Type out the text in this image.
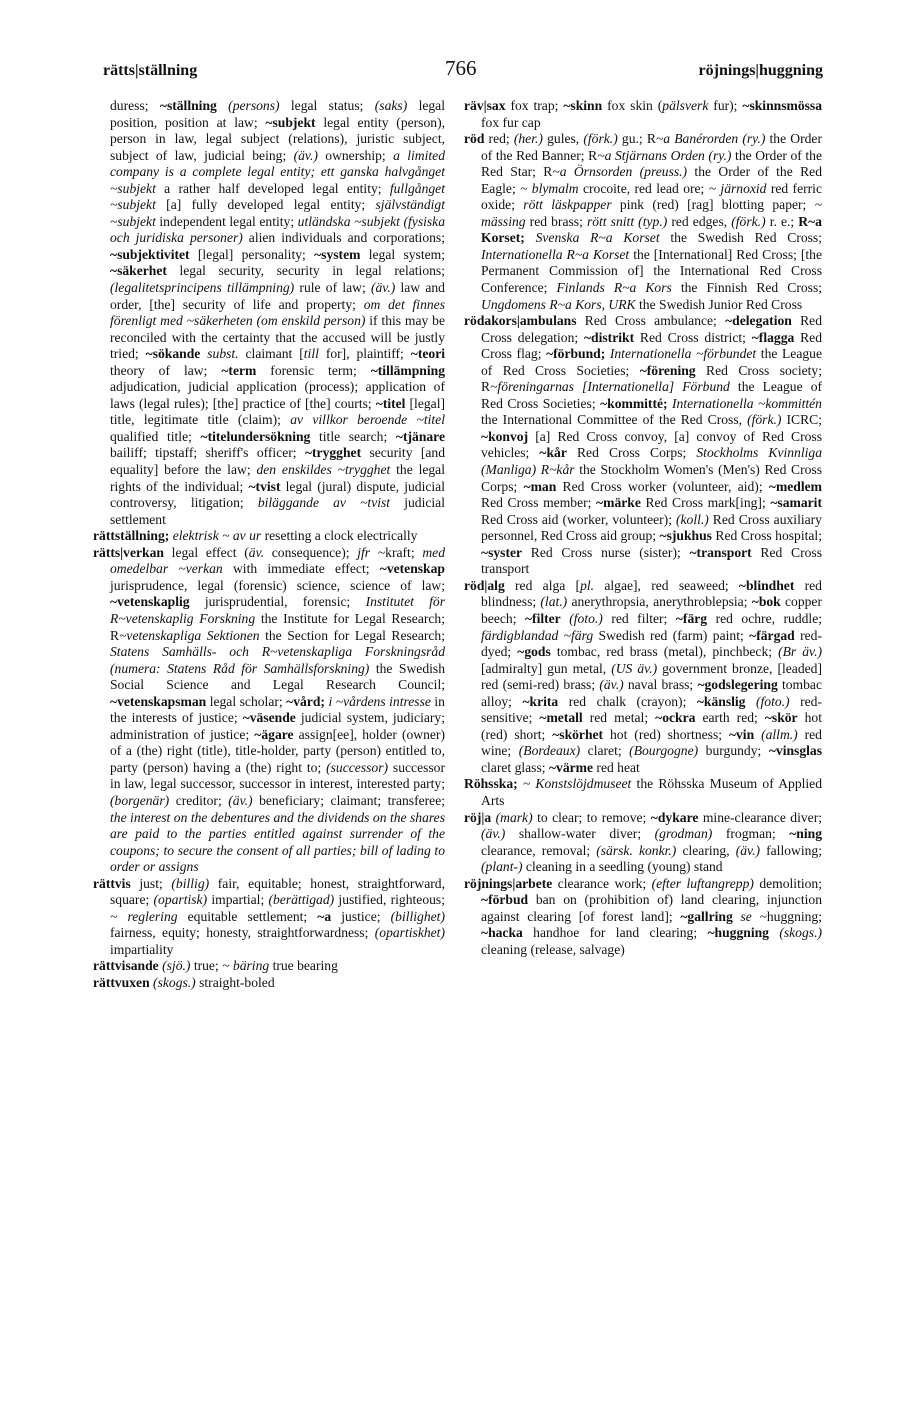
rätts|ställning	766	röjnings|huggning

duress; ~ställning (persons) legal status; (saks) legal position, position at law; ~subjekt legal entity (person), person in law, legal subject (relations), juristic subject, subject of law, judicial being; (äv.) ownership; a limited company is a complete legal entity; ett ganska halvgånget ~subjekt a rather half developed legal entity; fullgånget ~subjekt [a] fully developed legal entity; självständigt ~subjekt independent legal entity; utländska ~subjekt (fysiska och juridiska personer) alien individuals and corporations; ~subjektivitet [legal] personality; ~system legal system; ~säkerhet legal security, security in legal relations; (legalitetsprincipens tillämpning) rule of law; (äv.) law and order, [the] security of life and property; om det finnes förenligt med ~säkerheten (om enskild person) if this may be reconciled with the certainty that the accused will be justly tried; ~sökande subst. claimant [till for], plaintiff; ~teori theory of law; ~term forensic term; ~tillämpning adjudication, judicial application (process); application of laws (legal rules); [the] practice of [the] courts; ~titel [legal] title, legitimate title (claim); av villkor beroende ~titel qualified title; ~titelundersökning title search; ~tjänare bailiff; tipstaff; sheriff's officer; ~trygghet security [and equality] before the law; den enskildes ~trygghet the legal rights of the individual; ~tvist legal (jural) dispute, judicial controversy, litigation; biläggande av ~tvist judicial settlement

rättställning; elektrisk ~ av ur resetting a clock electrically

rätts|verkan legal effect (äv. consequence); jfr ~kraft; med omedelbar ~verkan with immediate effect; ~vetenskap jurisprudence, legal (forensic) science, science of law; ~vetenskaplig jurisprudential, forensic; Institutet för R~vetenskaplig Forskning the Institute for Legal Research; R~vetenskapliga Sektionen the Section for Legal Research; Statens Samhälls- och R~vetenskapliga Forskningsråd (numera: Statens Råd för Samhällsforskning) the Swedish Social Science and Legal Research Council; ~vetenskapsman legal scholar; ~vård; i ~vårdens intresse in the interests of justice; ~väsende judicial system, judiciary; administration of justice; ~ägare assign[ee], holder (owner) of a (the) right (title), title-holder, party (person) entitled to, party (person) having a (the) right to; (successor) successor in law, legal successor, successor in interest, interested party; (borgenär) creditor; (äv.) beneficiary; claimant; transferee; the interest on the debentures and the dividends on the shares are paid to the parties entitled against surrender of the coupons; to secure the consent of all parties; bill of lading to order or assigns

rättvis just; (billig) fair, equitable; honest, straightforward, square; (opartisk) impartial; (berättigad) justified, righteous; ~ reglering equitable settlement; ~a justice; (billighet) fairness, equity; honesty, straightforwardness; (opartiskhet) impartiality

rättvisande (sjö.) true; ~ bäring true bearing

rättvuxen (skogs.) straight-boled

räv|sax fox trap; ~skinn fox skin (pälsverk fur); ~skinnsmössa fox fur cap

röd red; (her.) gules, (förk.) gu.; R~a Banérorden (ry.) the Order of the Red Banner; R~a Stjärnans Orden (ry.) the Order of the Red Star; R~a Örnsorden (preuss.) the Order of the Red Eagle; ~ blymalm crocoite, red lead ore; ~ järnoxid red ferric oxide; rött läskpapper pink (red) [rag] blotting paper; ~ mässing red brass; rött snitt (typ.) red edges, (förk.) r. e.; R~a Korset; Svenska R~a Korset the Swedish Red Cross; Internationella R~a Korset the [International] Red Cross; [the Permanent Commission of] the International Red Cross Conference; Finlands R~a Kors the Finnish Red Cross; Ungdomens R~a Kors, URK the Swedish Junior Red Cross

rödakors|ambulans Red Cross ambulance; ~delegation Red Cross delegation; ~distrikt Red Cross district; ~flagga Red Cross flag; ~förbund; Internationella ~förbundet the League of Red Cross Societies; ~förening Red Cross society; R~föreningarnas [Internationella] Förbund the League of Red Cross Societies; ~kommitté; Internationella ~kommittén the International Committee of the Red Cross, (förk.) ICRC; ~konvoj [a] Red Cross convoy, [a] convoy of Red Cross vehicles; ~kår Red Cross Corps; Stockholms Kvinnliga (Manliga) R~kår the Stockholm Women's (Men's) Red Cross Corps; ~man Red Cross worker (volunteer, aid); ~medlem Red Cross member; ~märke Red Cross mark[ing]; ~samarit Red Cross aid (worker, volunteer); (koll.) Red Cross auxiliary personnel, Red Cross aid group; ~sjukhus Red Cross hospital; ~syster Red Cross nurse (sister); ~transport Red Cross transport

röd|alg red alga [pl. algae], red seaweed; ~blindhet red blindness; (lat.) anerythropsia, anerythroblepsia; ~bok copper beech; ~filter (foto.) red filter; ~färg red ochre, ruddle; färdigblandad ~färg Swedish red (farm) paint; ~färgad red-dyed; ~gods tombac, red brass (metal), pinchbeck; (Br äv.) [admiralty] gun metal, (US äv.) government bronze, [leaded] red (semi-red) brass; (äv.) naval brass; ~godslegering tombac alloy; ~krita red chalk (crayon); ~känslig (foto.) red-sensitive; ~metall red metal; ~ockra earth red; ~skör hot (red) short; ~skörhet hot (red) shortness; ~vin (allm.) red wine; (Bordeaux) claret; (Bourgogne) burgundy; ~vinsglas claret glass; ~värme red heat

Röhsska; ~ Konstslöjdmuseet the Röhsska Museum of Applied Arts

röj|a (mark) to clear; to remove; ~dykare mine-clearance diver; (äv.) shallow-water diver; (grodman) frogman; ~ning clearance, removal; (särsk. konkr.) clearing, (äv.) fallowing; (plant-) cleaning in a seedling (young) stand

röjnings|arbete clearance work; (efter luftangrepp) demolition; ~förbud ban on (prohibition of) land clearing, injunction against clearing [of forest land]; ~gallring se ~huggning; ~hacka handhoe for land clearing; ~huggning (skogs.) cleaning (release, salvage)
